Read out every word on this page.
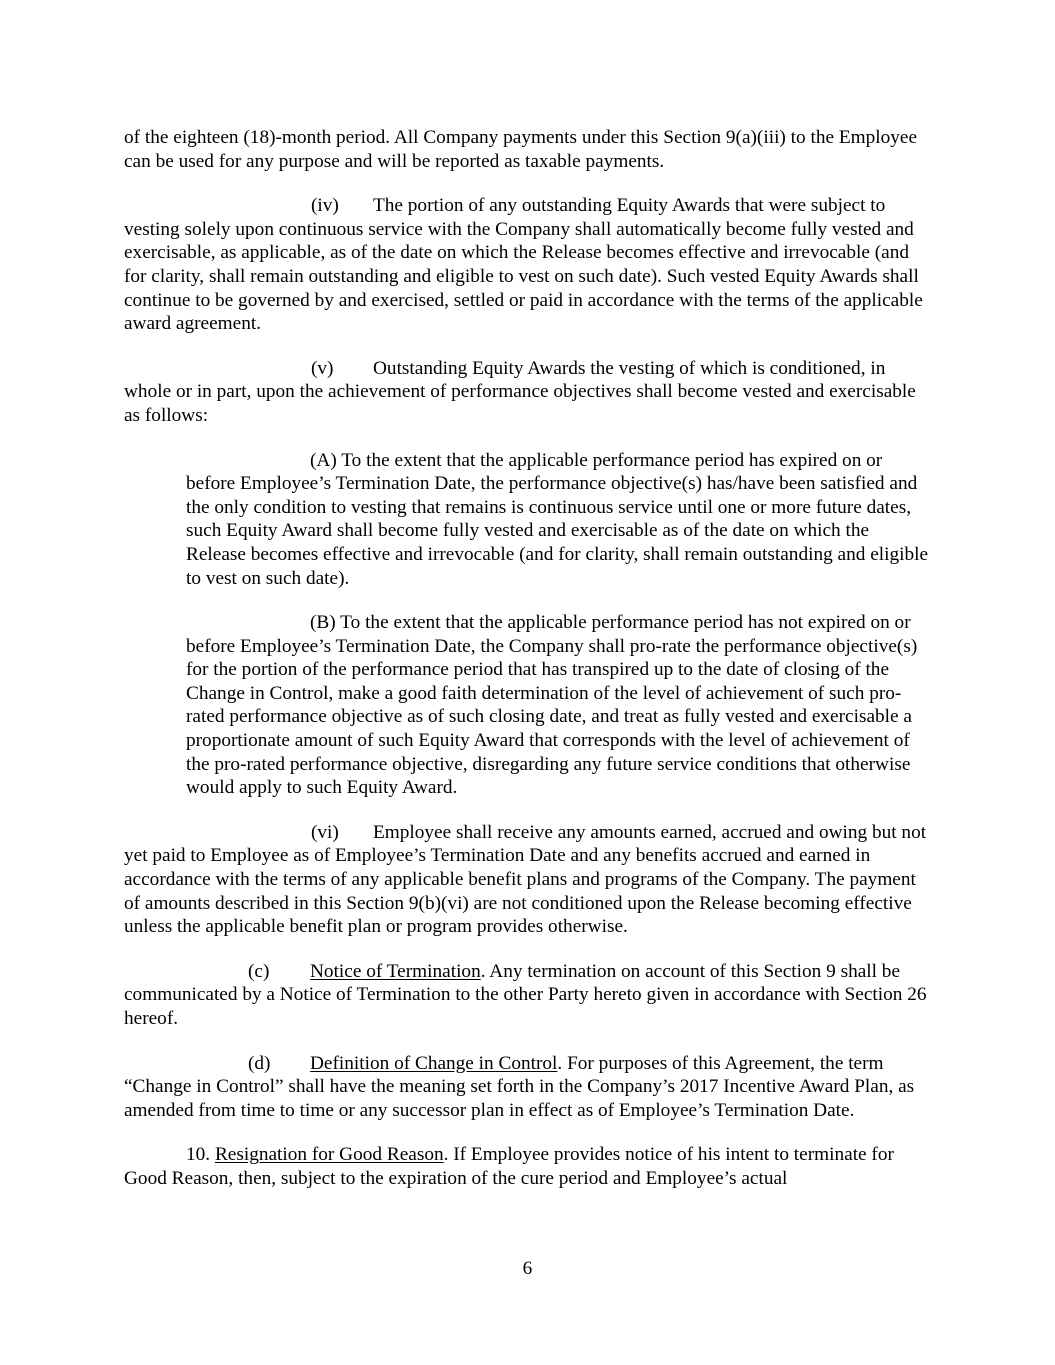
of the eighteen (18)-month period. All Company payments under this Section 9(a)(iii) to the Employee can be used for any purpose and will be reported as taxable payments.

(iv) The portion of any outstanding Equity Awards that were subject to vesting solely upon continuous service with the Company shall automatically become fully vested and exercisable, as applicable, as of the date on which the Release becomes effective and irrevocable (and for clarity, shall remain outstanding and eligible to vest on such date). Such vested Equity Awards shall continue to be governed by and exercised, settled or paid in accordance with the terms of the applicable award agreement.

(v) Outstanding Equity Awards the vesting of which is conditioned, in whole or in part, upon the achievement of performance objectives shall become vested and exercisable as follows:

(A) To the extent that the applicable performance period has expired on or before Employee’s Termination Date, the performance objective(s) has/have been satisfied and the only condition to vesting that remains is continuous service until one or more future dates, such Equity Award shall become fully vested and exercisable as of the date on which the Release becomes effective and irrevocable (and for clarity, shall remain outstanding and eligible to vest on such date).

(B) To the extent that the applicable performance period has not expired on or before Employee’s Termination Date, the Company shall pro-rate the performance objective(s) for the portion of the performance period that has transpired up to the date of closing of the Change in Control, make a good faith determination of the level of achievement of such pro-rated performance objective as of such closing date, and treat as fully vested and exercisable a proportionate amount of such Equity Award that corresponds with the level of achievement of the pro-rated performance objective, disregarding any future service conditions that otherwise would apply to such Equity Award.

(vi) Employee shall receive any amounts earned, accrued and owing but not yet paid to Employee as of Employee’s Termination Date and any benefits accrued and earned in accordance with the terms of any applicable benefit plans and programs of the Company. The payment of amounts described in this Section 9(b)(vi) are not conditioned upon the Release becoming effective unless the applicable benefit plan or program provides otherwise.

(c) Notice of Termination. Any termination on account of this Section 9 shall be communicated by a Notice of Termination to the other Party hereto given in accordance with Section 26 hereof.

(d) Definition of Change in Control. For purposes of this Agreement, the term “Change in Control” shall have the meaning set forth in the Company’s 2017 Incentive Award Plan, as amended from time to time or any successor plan in effect as of Employee’s Termination Date.

10. Resignation for Good Reason. If Employee provides notice of his intent to terminate for Good Reason, then, subject to the expiration of the cure period and Employee’s actual

6
